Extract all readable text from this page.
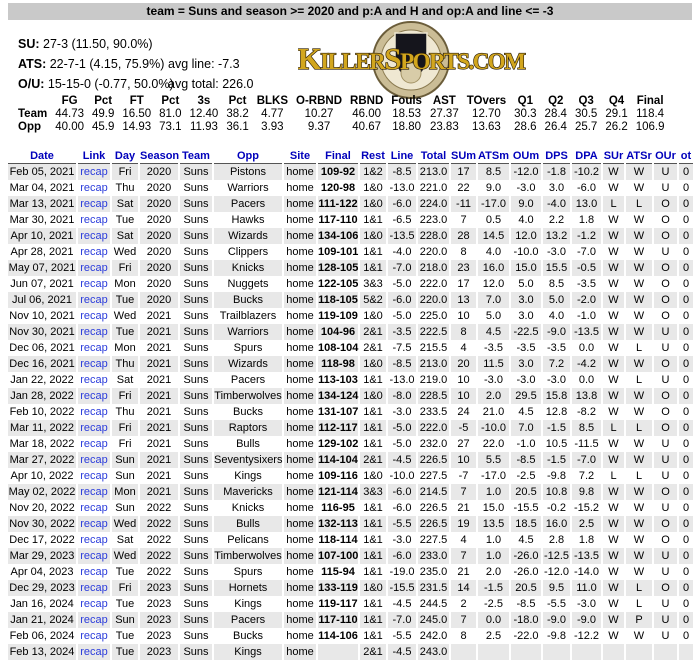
team = Suns and season >= 2020 and p:A and H and op:A and line <= -3
SU: 27-3 (11.50, 90.0%)
ATS: 22-7-1 (4.15, 75.9%) avg line: -7.3
O/U: 15-15-0 (-0.77, 50.0%)
avg total: 226.0
KILLERSPORTS.COM
	FG	Pct	FT	Pct	3s	Pct	BLKS	O-RBND	RBND	Fouls	AST	TOvers	Q1	Q2	Q3	Q4	Final
Team	44.73	49.9	16.50	81.0	12.40	38.2	4.77	10.27	46.00	18.53	27.37	12.70	30.3	28.4	30.5	29.1	118.4
Opp	40.00	45.9	14.93	73.1	11.93	36.1	3.93	9.37	40.67	18.80	23.83	13.63	28.6	26.4	25.7	26.2	106.9
Date	Link	Day	Season	Team	Opp	Site	Final	Rest	Line	Total	SUm	ATSm	OUm	DPS	DPA	SUr	ATSr	OUr	ot
Feb 05, 2021	recap	Fri	2020	Suns	Pistons	home	109-92	1&2	-8.5	213.0	17	8.5	-12.0	-1.8	-10.2	W	W	U	0
Mar 04, 2021	recap	Thu	2020	Suns	Warriors	home	120-98	1&0	-13.0	221.0	22	9.0	-3.0	3.0	-6.0	W	W	U	0
Mar 13, 2021	recap	Sat	2020	Suns	Pacers	home	111-122	1&0	-6.0	224.0	-11	-17.0	9.0	-4.0	13.0	L	L	O	0
Mar 30, 2021	recap	Tue	2020	Suns	Hawks	home	117-110	1&1	-6.5	223.0	7	0.5	4.0	2.2	1.8	W	W	O	0
Apr 10, 2021	recap	Sat	2020	Suns	Wizards	home	134-106	1&0	-13.5	228.0	28	14.5	12.0	13.2	-1.2	W	W	O	0
Apr 28, 2021	recap	Wed	2020	Suns	Clippers	home	109-101	1&1	-4.0	220.0	8	4.0	-10.0	-3.0	-7.0	W	W	U	0
May 07, 2021	recap	Fri	2020	Suns	Knicks	home	128-105	1&1	-7.0	218.0	23	16.0	15.0	15.5	-0.5	W	W	O	0
Jun 07, 2021	recap	Mon	2020	Suns	Nuggets	home	122-105	3&3	-5.0	222.0	17	12.0	5.0	8.5	-3.5	W	W	O	0
Jul 06, 2021	recap	Tue	2020	Suns	Bucks	home	118-105	5&2	-6.0	220.0	13	7.0	3.0	5.0	-2.0	W	W	O	0
Nov 10, 2021	recap	Wed	2021	Suns	Trailblazers	home	119-109	1&0	-5.0	225.0	10	5.0	3.0	4.0	-1.0	W	W	O	0
Nov 30, 2021	recap	Tue	2021	Suns	Warriors	home	104-96	2&1	-3.5	222.5	8	4.5	-22.5	-9.0	-13.5	W	W	U	0
Dec 06, 2021	recap	Mon	2021	Suns	Spurs	home	108-104	2&1	-7.5	215.5	4	-3.5	-3.5	-3.5	0.0	W	L	U	0
Dec 16, 2021	recap	Thu	2021	Suns	Wizards	home	118-98	1&0	-8.5	213.0	20	11.5	3.0	7.2	-4.2	W	W	O	0
Jan 22, 2022	recap	Sat	2021	Suns	Pacers	home	113-103	1&1	-13.0	219.0	10	-3.0	-3.0	-3.0	0.0	W	L	U	0
Jan 28, 2022	recap	Fri	2021	Suns	Timberwolves	home	134-124	1&0	-8.0	228.5	10	2.0	29.5	15.8	13.8	W	W	O	0
Feb 10, 2022	recap	Thu	2021	Suns	Bucks	home	131-107	1&1	-3.0	233.5	24	21.0	4.5	12.8	-8.2	W	W	O	0
Mar 11, 2022	recap	Fri	2021	Suns	Raptors	home	112-117	1&1	-5.0	222.0	-5	-10.0	7.0	-1.5	8.5	L	L	O	0
Mar 18, 2022	recap	Fri	2021	Suns	Bulls	home	129-102	1&1	-5.0	232.0	27	22.0	-1.0	10.5	-11.5	W	W	U	0
Mar 27, 2022	recap	Sun	2021	Suns	Seventysixers	home	114-104	2&1	-4.5	226.5	10	5.5	-8.5	-1.5	-7.0	W	W	U	0
Apr 10, 2022	recap	Sun	2021	Suns	Kings	home	109-116	1&0	-10.0	227.5	-7	-17.0	-2.5	-9.8	7.2	L	L	U	0
May 02, 2022	recap	Mon	2021	Suns	Mavericks	home	121-114	3&3	-6.0	214.5	7	1.0	20.5	10.8	9.8	W	W	O	0
Nov 20, 2022	recap	Sun	2022	Suns	Knicks	home	116-95	1&1	-6.0	226.5	21	15.0	-15.5	-0.2	-15.2	W	W	U	0
Nov 30, 2022	recap	Wed	2022	Suns	Bulls	home	132-113	1&1	-5.5	226.5	19	13.5	18.5	16.0	2.5	W	W	O	0
Dec 17, 2022	recap	Sat	2022	Suns	Pelicans	home	118-114	1&1	-3.0	227.5	4	1.0	4.5	2.8	1.8	W	W	O	0
Mar 29, 2023	recap	Wed	2022	Suns	Timberwolves	home	107-100	1&1	-6.0	233.0	7	1.0	-26.0	-12.5	-13.5	W	W	U	0
Apr 04, 2023	recap	Tue	2022	Suns	Spurs	home	115-94	1&1	-19.0	235.0	21	2.0	-26.0	-12.0	-14.0	W	W	U	0
Dec 29, 2023	recap	Fri	2023	Suns	Hornets	home	133-119	1&0	-15.5	231.5	14	-1.5	20.5	9.5	11.0	W	L	O	0
Jan 16, 2024	recap	Tue	2023	Suns	Kings	home	119-117	1&1	-4.5	244.5	2	-2.5	-8.5	-5.5	-3.0	W	L	U	0
Jan 21, 2024	recap	Sun	2023	Suns	Pacers	home	117-110	1&1	-7.0	245.0	7	0.0	-18.0	-9.0	-9.0	W	P	U	0
Feb 06, 2024	recap	Tue	2023	Suns	Bucks	home	114-106	1&1	-5.5	242.0	8	2.5	-22.0	-9.8	-12.2	W	W	U	0
Feb 13, 2024	recap	Tue	2023	Suns	Kings	home		2&1	-4.5	243.0									
